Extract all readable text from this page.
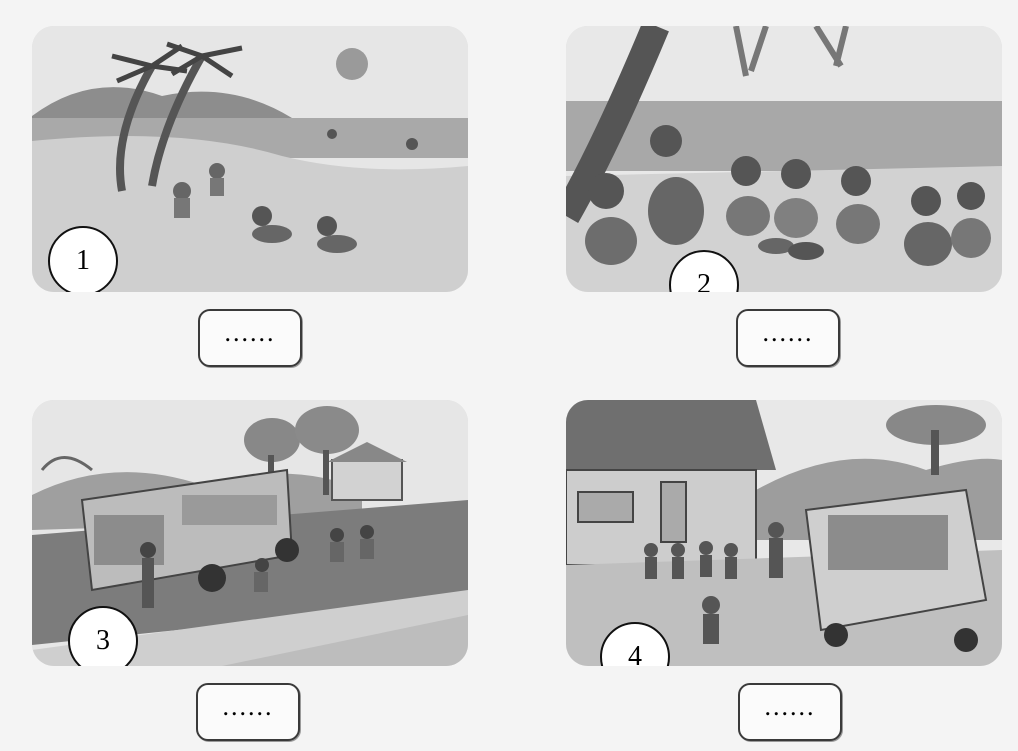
1
2
3
4
......	......
......	......
